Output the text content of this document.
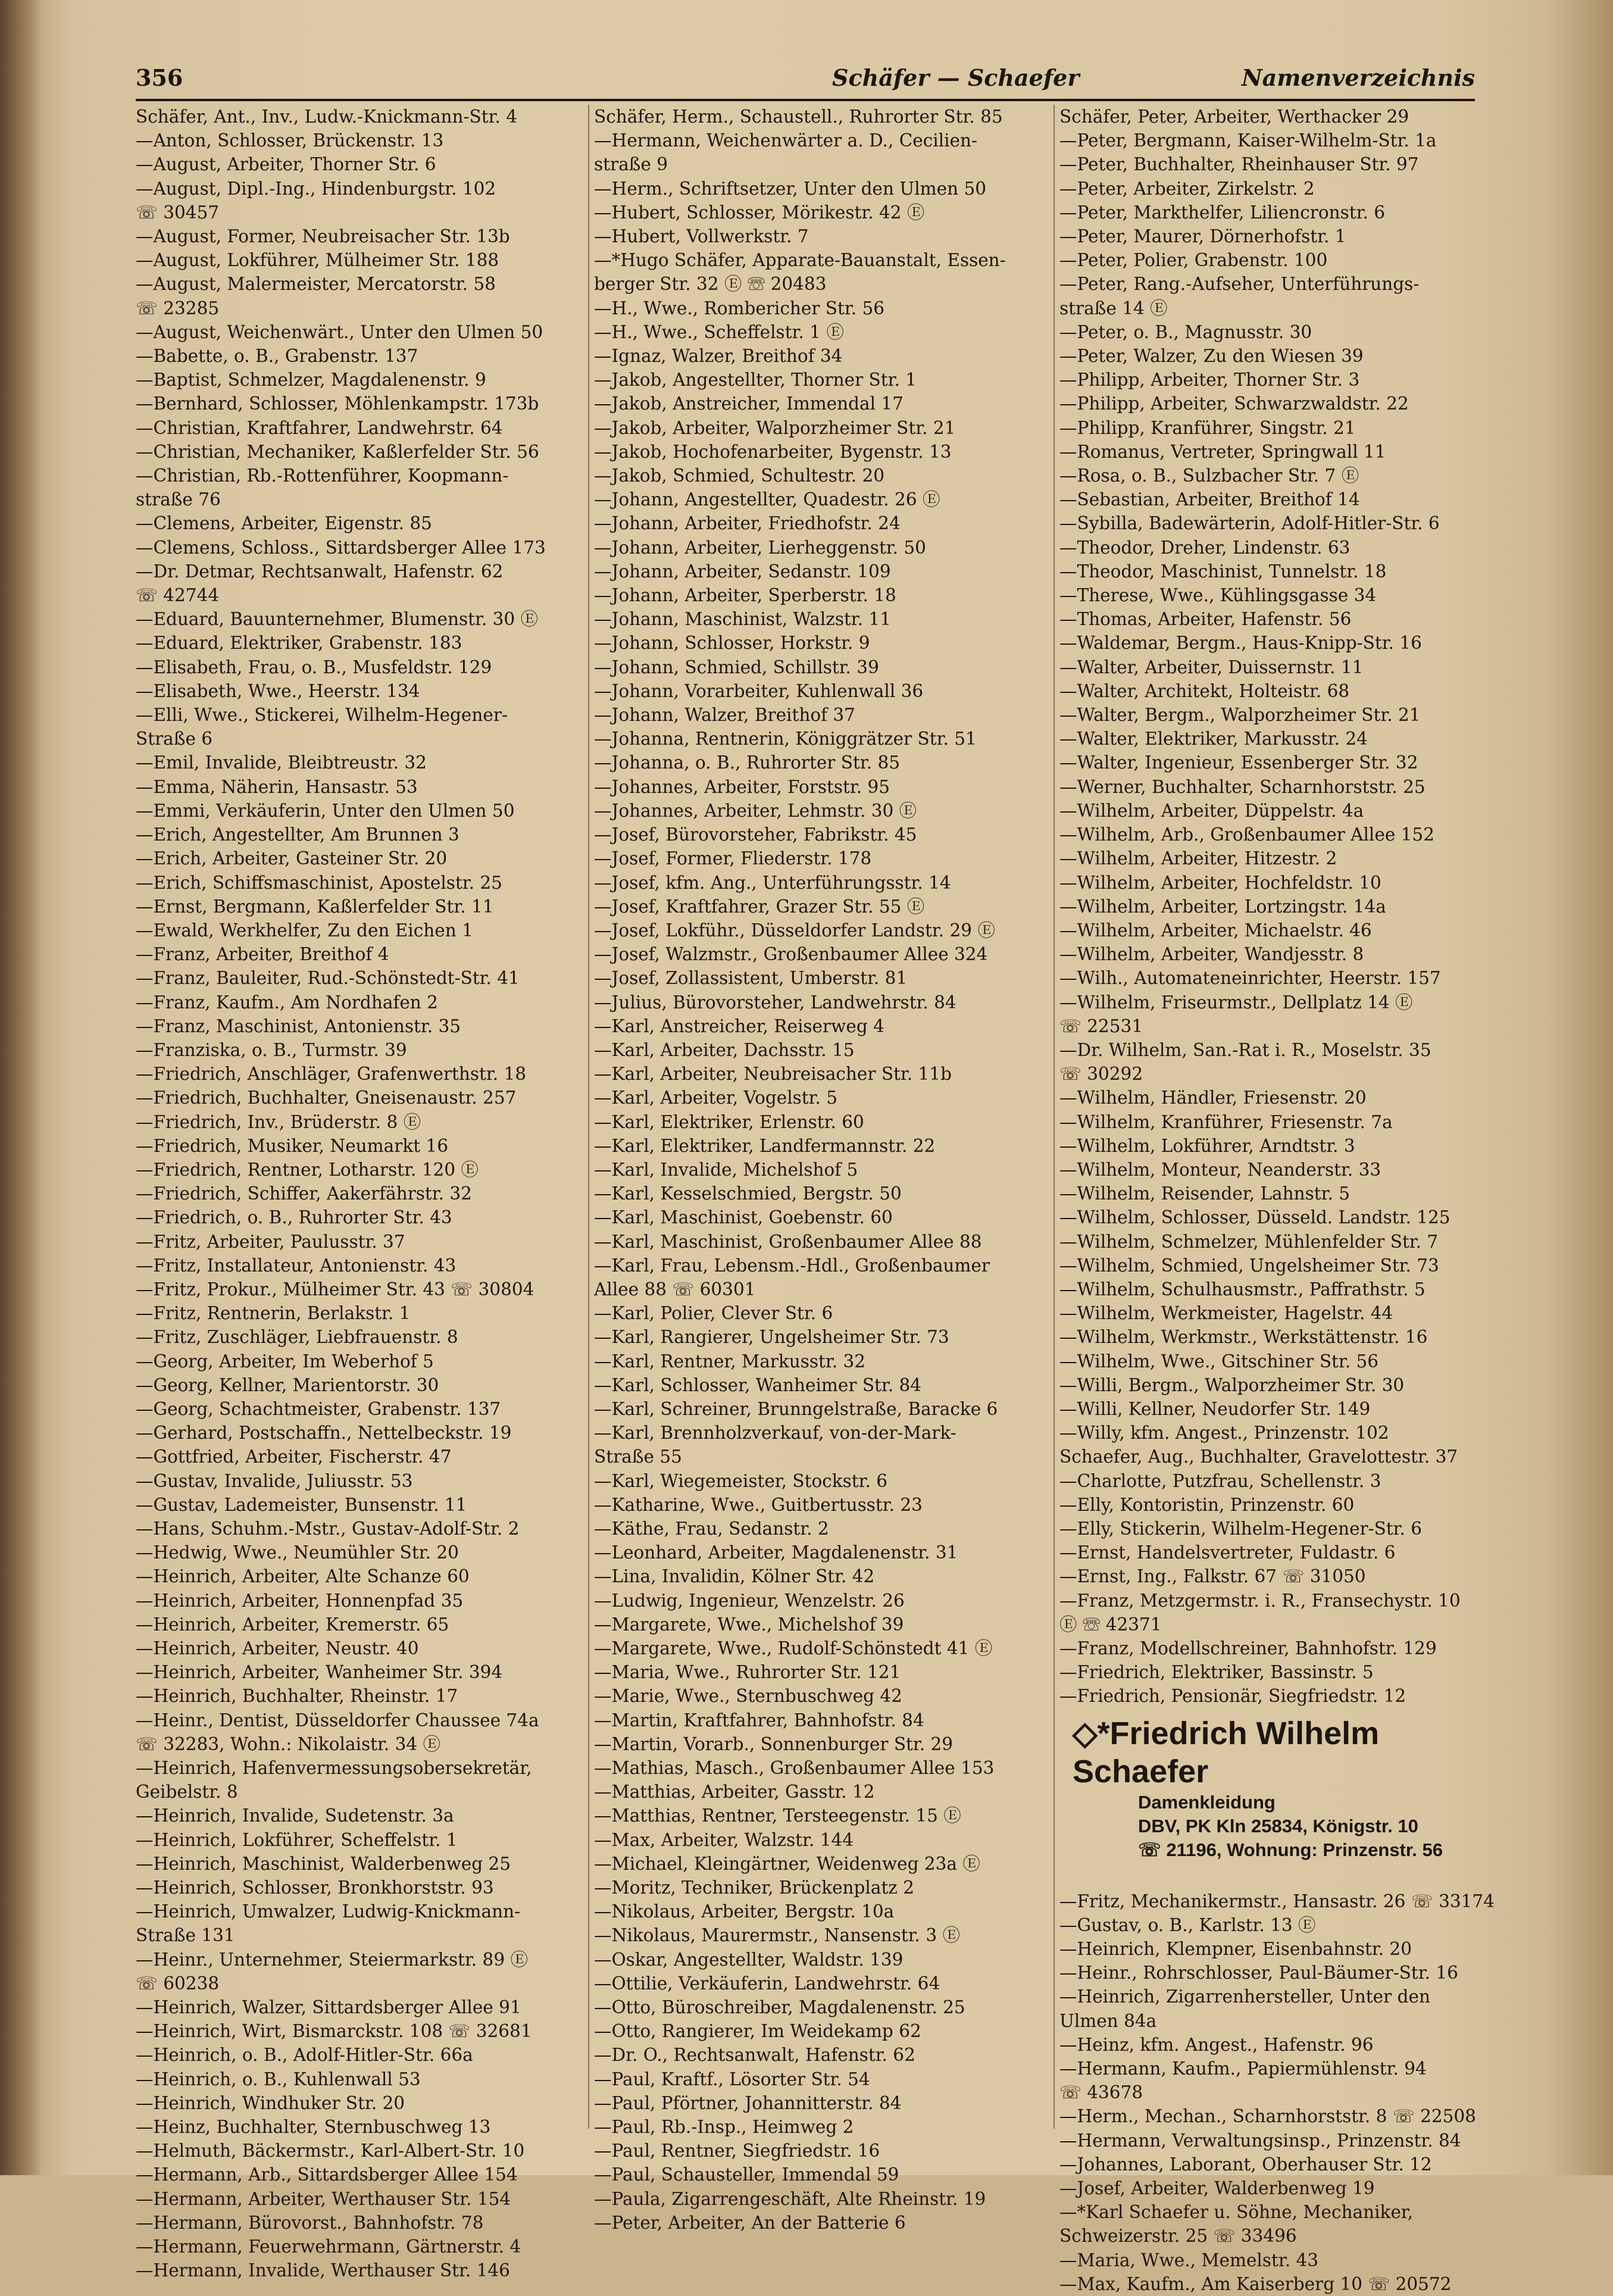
356	Schäfer — Schaefer	Namenverzeichnis
Schäfer, Ant., Inv., Ludw.-Knickmann-Str. 4
—Anton, Schlosser, Brückenstr. 13
—August, Arbeiter, Thorner Str. 6
—August, Dipl.-Ing., Hindenburgstr. 102
☏ 30457
—August, Former, Neubreisacher Str. 13b
—August, Lokführer, Mülheimer Str. 188
—August, Malermeister, Mercatorstr. 58
☏ 23285
—August, Weichenwärt., Unter den Ulmen 50
—Babette, o. B., Grabenstr. 137
—Baptist, Schmelzer, Magdalenenstr. 9
—Bernhard, Schlosser, Möhlenkampstr. 173b
—Christian, Kraftfahrer, Landwehrstr. 64
—Christian, Mechaniker, Kaßlerfelder Str. 56
—Christian, Rb.-Rottenführer, Koopmann-
straße 76
—Clemens, Arbeiter, Eigenstr. 85
—Clemens, Schloss., Sittardsberger Allee 173
—Dr. Detmar, Rechtsanwalt, Hafenstr. 62
☏ 42744
—Eduard, Bauunternehmer, Blumenstr. 30 Ⓔ
—Eduard, Elektriker, Grabenstr. 183
—Elisabeth, Frau, o. B., Musfeldstr. 129
—Elisabeth, Wwe., Heerstr. 134
—Elli, Wwe., Stickerei, Wilhelm-Hegener-
Straße 6
—Emil, Invalide, Bleibtreustr. 32
—Emma, Näherin, Hansastr. 53
—Emmi, Verkäuferin, Unter den Ulmen 50
—Erich, Angestellter, Am Brunnen 3
—Erich, Arbeiter, Gasteiner Str. 20
—Erich, Schiffsmaschinist, Apostelstr. 25
—Ernst, Bergmann, Kaßlerfelder Str. 11
—Ewald, Werkhelfer, Zu den Eichen 1
—Franz, Arbeiter, Breithof 4
—Franz, Bauleiter, Rud.-Schönstedt-Str. 41
—Franz, Kaufm., Am Nordhafen 2
—Franz, Maschinist, Antonienstr. 35
—Franziska, o. B., Turmstr. 39
—Friedrich, Anschläger, Grafenwerthstr. 18
—Friedrich, Buchhalter, Gneisenaustr. 257
—Friedrich, Inv., Brüderstr. 8 Ⓔ
—Friedrich, Musiker, Neumarkt 16
—Friedrich, Rentner, Lotharstr. 120 Ⓔ
—Friedrich, Schiffer, Aakerfährstr. 32
—Friedrich, o. B., Ruhrorter Str. 43
—Fritz, Arbeiter, Paulusstr. 37
—Fritz, Installateur, Antonienstr. 43
—Fritz, Prokur., Mülheimer Str. 43 ☏ 30804
—Fritz, Rentnerin, Berlakstr. 1
—Fritz, Zuschläger, Liebfrauenstr. 8
—Georg, Arbeiter, Im Weberhof 5
—Georg, Kellner, Marientorstr. 30
—Georg, Schachtmeister, Grabenstr. 137
—Gerhard, Postschaffn., Nettelbeckstr. 19
—Gottfried, Arbeiter, Fischerstr. 47
—Gustav, Invalide, Juliusstr. 53
—Gustav, Lademeister, Bunsenstr. 11
—Hans, Schuhm.-Mstr., Gustav-Adolf-Str. 2
—Hedwig, Wwe., Neumühler Str. 20
—Heinrich, Arbeiter, Alte Schanze 60
—Heinrich, Arbeiter, Honnenpfad 35
—Heinrich, Arbeiter, Kremerstr. 65
—Heinrich, Arbeiter, Neustr. 40
—Heinrich, Arbeiter, Wanheimer Str. 394
—Heinrich, Buchhalter, Rheinstr. 17
—Heinr., Dentist, Düsseldorfer Chaussee 74a
☏ 32283, Wohn.: Nikolaistr. 34 Ⓔ
—Heinrich, Hafenvermessungsobersekretär,
Geibelstr. 8
—Heinrich, Invalide, Sudetenstr. 3a
—Heinrich, Lokführer, Scheffelstr. 1
—Heinrich, Maschinist, Walderbenweg 25
—Heinrich, Schlosser, Bronkhorststr. 93
—Heinrich, Umwalzer, Ludwig-Knickmann-
Straße 131
—Heinr., Unternehmer, Steiermarkstr. 89 Ⓔ
☏ 60238
—Heinrich, Walzer, Sittardsberger Allee 91
—Heinrich, Wirt, Bismarckstr. 108 ☏ 32681
—Heinrich, o. B., Adolf-Hitler-Str. 66a
—Heinrich, o. B., Kuhlenwall 53
—Heinrich, Windhuker Str. 20
—Heinz, Buchhalter, Sternbuschweg 13
—Helmuth, Bäckermstr., Karl-Albert-Str. 10
—Hermann, Arb., Sittardsberger Allee 154
—Hermann, Arbeiter, Werthauser Str. 154
—Hermann, Bürovorst., Bahnhofstr. 78
—Hermann, Feuerwehrmann, Gärtnerstr. 4
—Hermann, Invalide, Werthauser Str. 146
Schäfer, Herm., Schaustell., Ruhrorter Str. 85
—Hermann, Weichenwärter a. D., Cecilien-
straße 9
—Herm., Schriftsetzer, Unter den Ulmen 50
—Hubert, Schlosser, Mörikestr. 42 Ⓔ
—Hubert, Vollwerkstr. 7
—*Hugo Schäfer, Apparate-Bauanstalt, Essen-
berger Str. 32 Ⓔ ☏ 20483
—H., Wwe., Romberichеr Str. 56
—H., Wwe., Scheffelstr. 1 Ⓔ
—Ignaz, Walzer, Breithof 34
—Jakob, Angestellter, Thorner Str. 1
—Jakob, Anstreicher, Immendal 17
—Jakob, Arbeiter, Walporzheimer Str. 21
—Jakob, Hochofenarbeiter, Bygenstr. 13
—Jakob, Schmied, Schultestr. 20
—Johann, Angestellter, Quadestr. 26 Ⓔ
—Johann, Arbeiter, Friedhofstr. 24
—Johann, Arbeiter, Lierheggenstr. 50
—Johann, Arbeiter, Sedanstr. 109
—Johann, Arbeiter, Sperberstr. 18
—Johann, Maschinist, Walzstr. 11
—Johann, Schlosser, Horkstr. 9
—Johann, Schmied, Schillstr. 39
—Johann, Vorarbeiter, Kuhlenwall 36
—Johann, Walzer, Breithof 37
—Johanna, Rentnerin, Königgrätzer Str. 51
—Johanna, o. B., Ruhrorter Str. 85
—Johannes, Arbeiter, Forststr. 95
—Johannes, Arbeiter, Lehmstr. 30 Ⓔ
—Josef, Bürovorsteher, Fabrikstr. 45
—Josef, Former, Fliederstr. 178
—Josef, kfm. Ang., Unterführungsstr. 14
—Josef, Kraftfahrer, Grazer Str. 55 Ⓔ
—Josef, Lokführ., Düsseldorfer Landstr. 29 Ⓔ
—Josef, Walzmstr., Großenbaumer Allee 324
—Josef, Zollassistent, Umberstr. 81
—Julius, Bürovorsteher, Landwehrstr. 84
—Karl, Anstreicher, Reiserweg 4
—Karl, Arbeiter, Dachsstr. 15
—Karl, Arbeiter, Neubreisacher Str. 11b
—Karl, Arbeiter, Vogelstr. 5
—Karl, Elektriker, Erlenstr. 60
—Karl, Elektriker, Landfermannstr. 22
—Karl, Invalide, Michelshof 5
—Karl, Kesselschmied, Bergstr. 50
—Karl, Maschinist, Goebenstr. 60
—Karl, Maschinist, Großenbaumer Allee 88
—Karl, Frau, Lebensm.-Hdl., Großenbaumer
Allee 88 ☏ 60301
—Karl, Polier, Clever Str. 6
—Karl, Rangierer, Ungelsheimer Str. 73
—Karl, Rentner, Markusstr. 32
—Karl, Schlosser, Wanheimer Str. 84
—Karl, Schreiner, Brunngelstraße, Baracke 6
—Karl, Brennholzverkauf, von-der-Mark-
Straße 55
—Karl, Wiegemeister, Stockstr. 6
—Katharine, Wwe., Guitbertusstr. 23
—Käthe, Frau, Sedanstr. 2
—Leonhard, Arbeiter, Magdalenenstr. 31
—Lina, Invalidin, Kölner Str. 42
—Ludwig, Ingenieur, Wenzelstr. 26
—Margarete, Wwe., Michelshof 39
—Margarete, Wwe., Rudolf-Schönstedt 41 Ⓔ
—Maria, Wwe., Ruhrorter Str. 121
—Marie, Wwe., Sternbuschweg 42
—Martin, Kraftfahrer, Bahnhofstr. 84
—Martin, Vorarb., Sonnenburger Str. 29
—Mathias, Masch., Großenbaumer Allee 153
—Matthias, Arbeiter, Gasstr. 12
—Matthias, Rentner, Tersteegenstr. 15 Ⓔ
—Max, Arbeiter, Walzstr. 144
—Michael, Kleingärtner, Weidenweg 23a Ⓔ
—Moritz, Techniker, Brückenplatz 2
—Nikolaus, Arbeiter, Bergstr. 10a
—Nikolaus, Maurermstr., Nansenstr. 3 Ⓔ
—Oskar, Angestellter, Waldstr. 139
—Ottilie, Verkäuferin, Landwehrstr. 64
—Otto, Büroschreiber, Magdalenenstr. 25
—Otto, Rangierer, Im Weidekamp 62
—Dr. O., Rechtsanwalt, Hafenstr. 62
—Paul, Kraftf., Lösorter Str. 54
—Paul, Pförtner, Johannitterstr. 84
—Paul, Rb.-Insp., Heimweg 2
—Paul, Rentner, Siegfriedstr. 16
—Paul, Schausteller, Immendal 59
—Paula, Zigarrengeschäft, Alte Rheinstr. 19
—Peter, Arbeiter, An der Batterie 6
Schäfer, Peter, Arbeiter, Werthacker 29
—Peter, Bergmann, Kaiser-Wilhelm-Str. 1a
—Peter, Buchhalter, Rheinhauser Str. 97
—Peter, Arbeiter, Zirkelstr. 2
—Peter, Markthelfer, Liliencronstr. 6
—Peter, Maurer, Dörnerhofstr. 1
—Peter, Polier, Grabenstr. 100
—Peter, Rang.-Aufseher, Unterführungs-
straße 14 Ⓔ
—Peter, o. B., Magnusstr. 30
—Peter, Walzer, Zu den Wiesen 39
—Philipp, Arbeiter, Thorner Str. 3
—Philipp, Arbeiter, Schwarzwaldstr. 22
—Philipp, Kranführer, Singstr. 21
—Romanus, Vertreter, Springwall 11
—Rosa, o. B., Sulzbacher Str. 7 Ⓔ
—Sebastian, Arbeiter, Breithof 14
—Sybilla, Badewärterin, Adolf-Hitler-Str. 6
—Theodor, Dreher, Lindenstr. 63
—Theodor, Maschinist, Tunnelstr. 18
—Therese, Wwe., Kühlingsgasse 34
—Thomas, Arbeiter, Hafenstr. 56
—Waldemar, Bergm., Haus-Knipp-Str. 16
—Walter, Arbeiter, Duissernstr. 11
—Walter, Architekt, Holteistr. 68
—Walter, Bergm., Walporzheimer Str. 21
—Walter, Elektriker, Markusstr. 24
—Walter, Ingenieur, Essenberger Str. 32
—Werner, Buchhalter, Scharnhorststr. 25
—Wilhelm, Arbeiter, Düppelstr. 4a
—Wilhelm, Arb., Großenbaumer Allee 152
—Wilhelm, Arbeiter, Hitzestr. 2
—Wilhelm, Arbeiter, Hochfeldstr. 10
—Wilhelm, Arbeiter, Lortzingstr. 14a
—Wilhelm, Arbeiter, Michaelstr. 46
—Wilhelm, Arbeiter, Wandjesstr. 8
—Wilh., Automateneinrichter, Heerstr. 157
—Wilhelm, Friseurmstr., Dellplatz 14 Ⓔ
☏ 22531
—Dr. Wilhelm, San.-Rat i. R., Moselstr. 35
☏ 30292
—Wilhelm, Händler, Friesenstr. 20
—Wilhelm, Kranführer, Friesenstr. 7a
—Wilhelm, Lokführer, Arndtstr. 3
—Wilhelm, Monteur, Neanderstr. 33
—Wilhelm, Reisender, Lahnstr. 5
—Wilhelm, Schlosser, Düsseld. Landstr. 125
—Wilhelm, Schmelzer, Mühlenfelder Str. 7
—Wilhelm, Schmied, Ungelsheimer Str. 73
—Wilhelm, Schulhausmstr., Paffrathstr. 5
—Wilhelm, Werkmeister, Hagelstr. 44
—Wilhelm, Werkmstr., Werkstättenstr. 16
—Wilhelm, Wwe., Gitschiner Str. 56
—Willi, Bergm., Walporzheimer Str. 30
—Willi, Kellner, Neudorfer Str. 149
—Willy, kfm. Angest., Prinzenstr. 102
Schaefer, Aug., Buchhalter, Gravelottestr. 37
—Charlotte, Putzfrau, Schellenstr. 3
—Elly, Kontoristin, Prinzenstr. 60
—Elly, Stickerin, Wilhelm-Hegener-Str. 6
—Ernst, Handelsvertreter, Fuldastr. 6
—Ernst, Ing., Falkstr. 67 ☏ 31050
—Franz, Metzgermstr. i. R., Fransechystr. 10
Ⓔ ☏ 42371
—Franz, Modellschreiner, Bahnhofstr. 129
—Friedrich, Elektriker, Bassinstr. 5
—Friedrich, Pensionär, Siegfriedstr. 12
◇*Friedrich Wilhelm Schaefer
Damenkleidung
DBV, PK Kln 25834, Königstr. 10
☏ 21196, Wohnung: Prinzenstr. 56
—Fritz, Mechanikermstr., Hansastr. 26 ☏ 33174
—Gustav, o. B., Karlstr. 13 Ⓔ
—Heinrich, Klempner, Eisenbahnstr. 20
—Heinr., Rohrschlosser, Paul-Bäumer-Str. 16
—Heinrich, Zigarrenhersteller, Unter den
Ulmen 84a
—Heinz, kfm. Angest., Hafenstr. 96
—Hermann, Kaufm., Papiermühlenstr. 94
☏ 43678
—Herm., Mechan., Scharnhorststr. 8 ☏ 22508
—Hermann, Verwaltungsinsp., Prinzenstr. 84
—Johannes, Laborant, Oberhauser Str. 12
—Josef, Arbeiter, Walderbenweg 19
—*Karl Schaefer u. Söhne, Mechaniker,
Schweizerstr. 25 ☏ 33496
—Maria, Wwe., Memelstr. 43
—Max, Kaufm., Am Kaiserberg 10 ☏ 20572
